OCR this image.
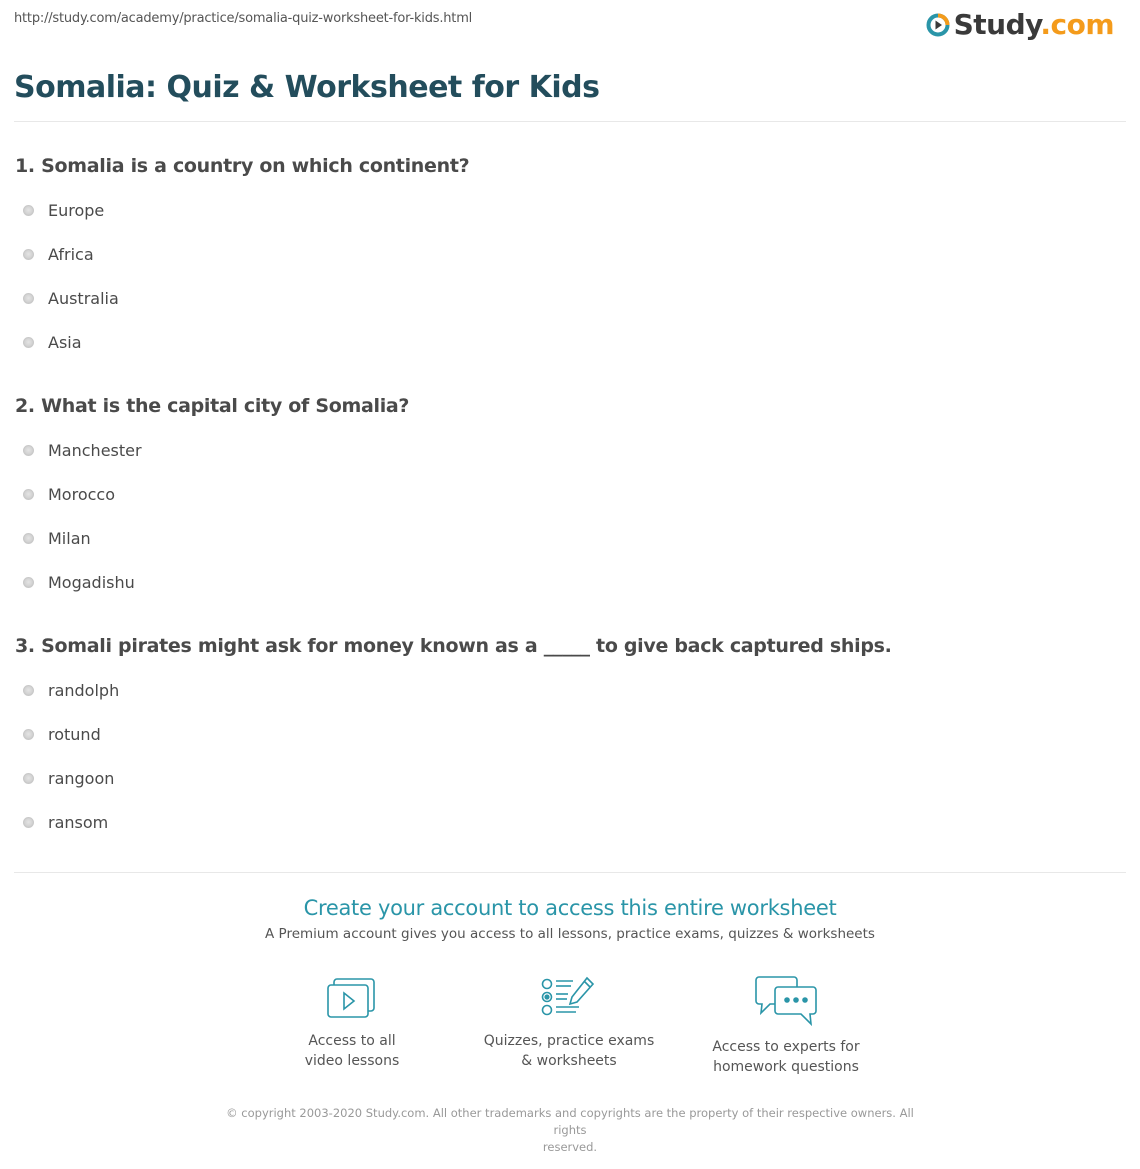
http://study.com/academy/practice/somalia-quiz-worksheet-for-kids.html	Study.com
Somalia: Quiz & Worksheet for Kids
1. Somalia is a country on which continent?
Europe
Africa
Australia
Asia
2. What is the capital city of Somalia?
Manchester
Morocco
Milan
Mogadishu
3. Somali pirates might ask for money known as a _____ to give back captured ships.
randolph
rotund
rangoon
ransom
Create your account to access this entire worksheet
A Premium account gives you access to all lessons, practice exams, quizzes & worksheets
Access to all
video lessons
Quizzes, practice exams
& worksheets
Access to experts for
homework questions
© copyright 2003-2020 Study.com. All other trademarks and copyrights are the property of their respective owners. All rights
reserved.
